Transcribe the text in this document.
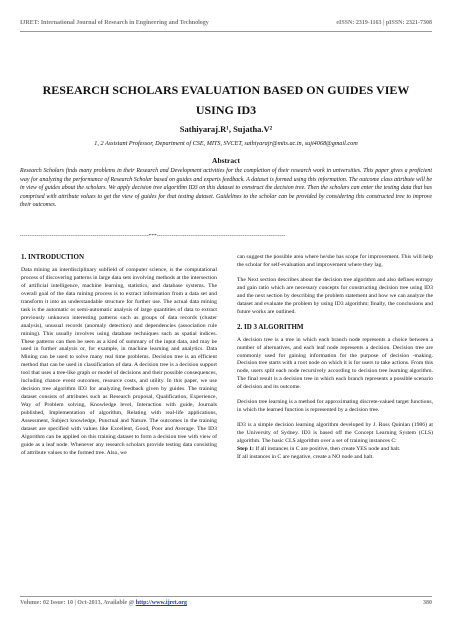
IJRET: International Journal of Research in Engineering and Technology	eISSN: 2319-1163 | pISSN: 2321-7308
RESEARCH SCHOLARS EVALUATION BASED ON GUIDES VIEW
USING ID3
Sathiyaraj.R¹, Sujatha.V²
1, 2 Assistant Professor, Department of CSE, MITS, SVCET, sathiyarajr@mits.ac.in, suji4068@gmail.com
Abstract
Research Scholars finds many problems in their Research and Development activities for the completion of their research work in universities. This paper gives a proficient way for analyzing the performance of Research Scholar based on guides and experts feedback. A dataset is formed using this information. The outcome class attribute will be in view of guides about the scholars. We apply decision tree algorithm ID3 on this dataset to construct the decision tree. Then the scholars can enter the testing data that has comprised with attribute values to get the view of guides for that testing dataset. Guidelines to the scholar can be provided by considering this constructed tree to improve their outcomes.
---------------------------------------------------------------------***---------------------------------------------------------------------
1. INTRODUCTION

Data mining an interdisciplinary subfield of computer science, is the computational process of discovering patterns in large data sets involving methods at the intersection of artificial intelligence, machine learning, statistics, and database systems. The overall goal of the data mining process is to extract information from a data set and transform it into an understandable structure for further use. The actual data mining task is the automatic or semi-automatic analysis of large quantities of data to extract previously unknown interesting patterns such as groups of data records (cluster analysis), unusual records (anomaly detection) and dependencies (association rule mining). This usually involves using database techniques such as spatial indices. These patterns can then be seen as a kind of summary of the input data, and may be used in further analysis or, for example, in machine learning and analytics. Data Mining can be used to solve many real time problems. Decision tree is an efficient method that can be used in classification of data. A decision tree is a decision support tool that uses a tree-like graph or model of decisions and their possible consequences, including chance event outcomes, resource costs, and utility. In this paper, we use decision tree algorithm ID3 for analyzing feedback given by guides. The training dataset consists of attributes such as Research proposal, Qualification, Experience, Way of Problem solving, Knowledge level, Interaction with guide, Journals published, Implementation of algorithm, Relating with real-life applications, Assessment, Subject knowledge, Punctual and Nature. The outcomes in the training dataset are specified with values like Excellent, Good, Poor and Average. The ID3 Algorithm can be applied on this training dataset to form a decision tree with view of guide as a leaf node. Whenever any research scholars provide testing data consisting of attribute values to the formed tree. Also, we

can suggest the possible area where he/she has scope for improvement. This will help the scholar for self-evaluation and improvement where they lag.

The Next section describes about the decision tree algorithm and also defines entropy and gain ratio which are necessary concepts for constructing decision tree using ID3 and the next section by describing the problem statement and how we can analyze the dataset and evaluate the problem by using ID3 algorithm; finally, the conclusions and future works are outlined.

2. ID 3 ALGORITHM

A decision tree is a tree in which each branch node represents a choice between a number of alternatives, and each leaf node represents a decision. Decision tree are commonly used for gaining information for the purpose of decision -making. Decision tree starts with a root node on which it is for users to take actions. From this node, users split each node recursively according to decision tree learning algorithm. The final result is a decision tree in which each branch represents a possible scenario of decision and its outcome.

Decision tree learning is a method for approximating discrete-valued target functions, in which the learned function is represented by a decision tree.

ID3 is a simple decision learning algorithm developed by J. Ross Quinlan (1986) at the University of Sydney. ID3 is based off the Concept Learning System (CLS) algorithm. The basic CLS algorithm over a set of training instances C:
Step 1: If all instances in C are positive, then create YES node and halt.
If all instances in C are negative, create a NO node and halt.

Volume: 02 Issue: 10 | Oct-2013, Available @ http://www.ijret.org	380
